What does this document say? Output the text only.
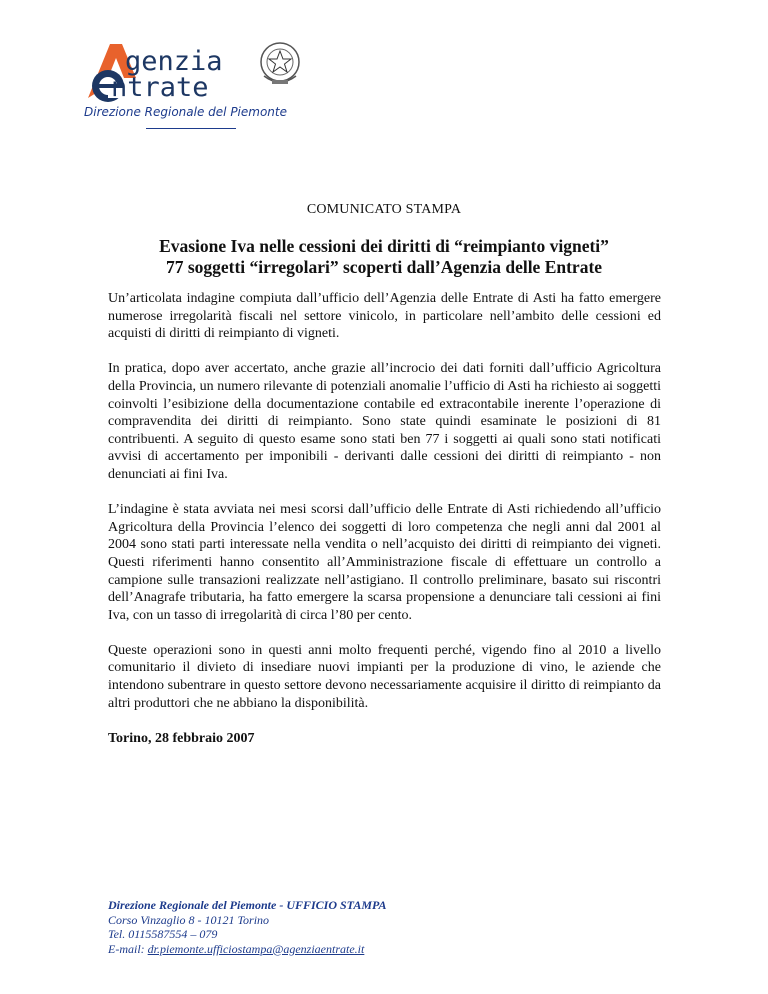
genzia
ntrate
Direzione Regionale del Piemonte
COMUNICATO STAMPA
Evasione Iva nelle cessioni dei diritti di “reimpianto vigneti”
77 soggetti “irregolari” scoperti dall’Agenzia delle Entrate

Un’articolata indagine compiuta dall’ufficio dell’Agenzia delle Entrate di Asti ha fatto emergere numerose irregolarità fiscali nel settore vinicolo, in particolare nell’ambito delle cessioni ed acquisti di diritti di reimpianto di vigneti.

In pratica, dopo aver accertato, anche grazie all’incrocio dei dati forniti dall’ufficio Agricoltura della Provincia, un numero rilevante di potenziali anomalie l’ufficio di Asti ha richiesto ai soggetti coinvolti l’esibizione della documentazione contabile ed extracontabile inerente l’operazione di compravendita dei diritti di reimpianto. Sono state quindi esaminate le posizioni di 81 contribuenti. A seguito di questo esame sono stati ben 77 i soggetti ai quali sono stati notificati avvisi di accertamento per imponibili - derivanti dalle cessioni dei diritti di reimpianto - non denunciati ai fini Iva.

L’indagine è stata avviata nei mesi scorsi dall’ufficio delle Entrate di Asti richiedendo all’ufficio Agricoltura della Provincia l’elenco dei soggetti di loro competenza che negli anni dal 2001 al 2004 sono stati parti interessate nella vendita o nell’acquisto dei diritti di reimpianto dei vigneti. Questi riferimenti hanno consentito all’Amministrazione fiscale di effettuare un controllo a campione sulle transazioni realizzate nell’astigiano. Il controllo preliminare, basato sui riscontri dell’Anagrafe tributaria, ha fatto emergere la scarsa propensione a denunciare tali cessioni ai fini Iva, con un tasso di irregolarità di circa l’80 per cento.

Queste operazioni sono in questi anni molto frequenti perché, vigendo fino al 2010 a livello comunitario il divieto di insediare nuovi impianti per la produzione di vino, le aziende che intendono subentrare in questo settore devono necessariamente acquisire il diritto di reimpianto da altri produttori che ne abbiano la disponibilità.

Torino, 28 febbraio 2007

Direzione Regionale del Piemonte - UFFICIO STAMPA
Corso Vinzaglio 8 - 10121 Torino
Tel. 0115587554 – 079
E-mail: dr.piemonte.ufficiostampa@agenziaentrate.it
